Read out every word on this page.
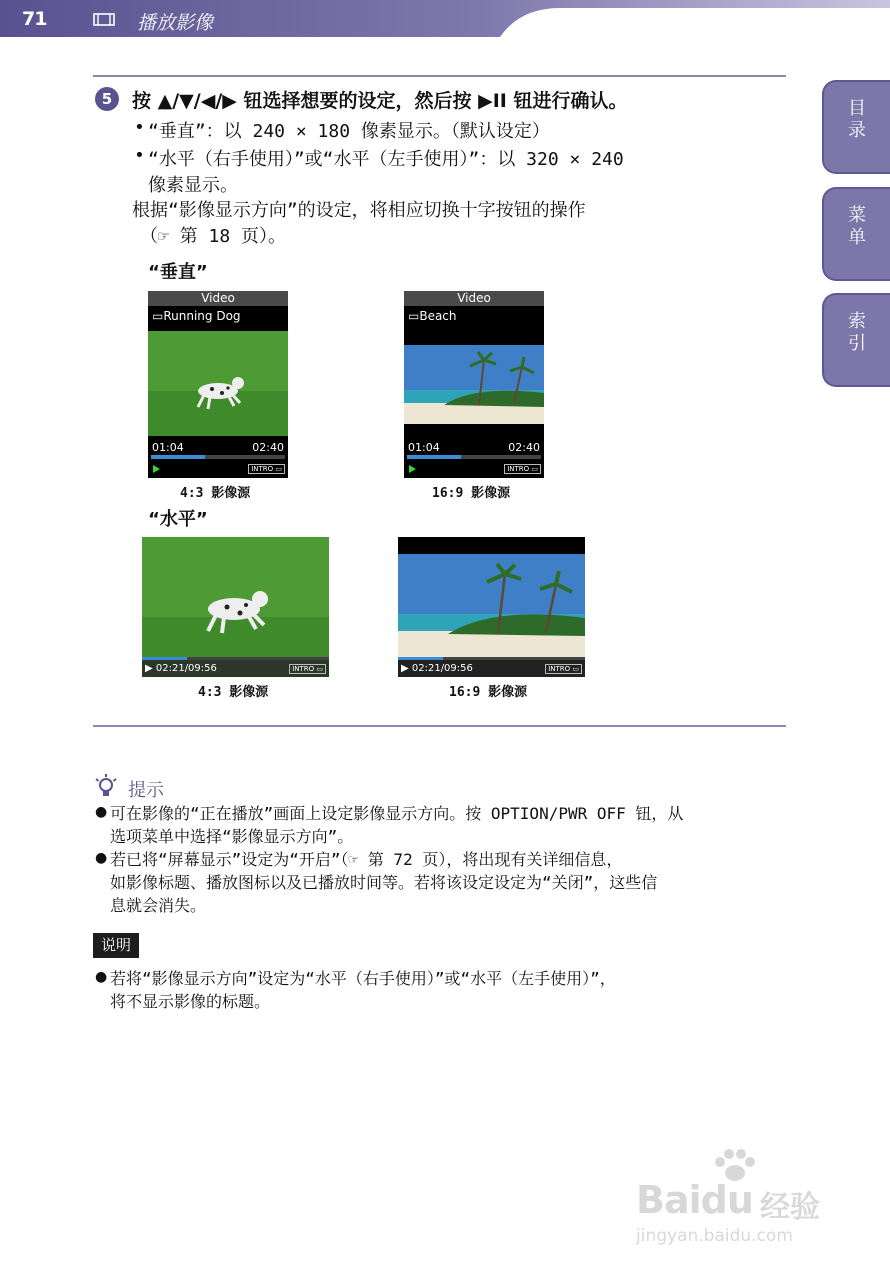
71	播放影像
目录
菜单
索引
5	按 ▲/▼/◀/▶ 钮选择想要的设定，然后按 ▶II 钮进行确认。
• “垂直”：以 240 × 180 像素显示。（默认设定）
• “水平（右手使用）”或“水平（左手使用）”：以 320 × 240
像素显示。
根据“影像显示方向”的设定，将相应切换十字按钮的操作
（☞ 第 18 页）。
“垂直”
Video
▭Running Dog
01:04	02:40
INTRO ▭
4:3 影像源
Video
▭Beach
01:04	02:40
INTRO ▭
16:9 影像源
“水平”
▶ 02:21/09:56	INTRO ▭
4:3 影像源
▶ 02:21/09:56	INTRO ▭
16:9 影像源
提示
● 可在影像的“正在播放”画面上设定影像显示方向。按 OPTION/PWR OFF 钮，从
选项菜单中选择“影像显示方向”。
● 若已将“屏幕显示”设定为“开启”（☞ 第 72 页），将出现有关详细信息，
如影像标题、播放图标以及已播放时间等。若将该设定设定为“关闭”，这些信
息就会消失。
说明
● 若将“影像显示方向”设定为“水平（右手使用）”或“水平（左手使用）”，
将不显示影像的标题。
Baidu 经验
jingyan.baidu.com
